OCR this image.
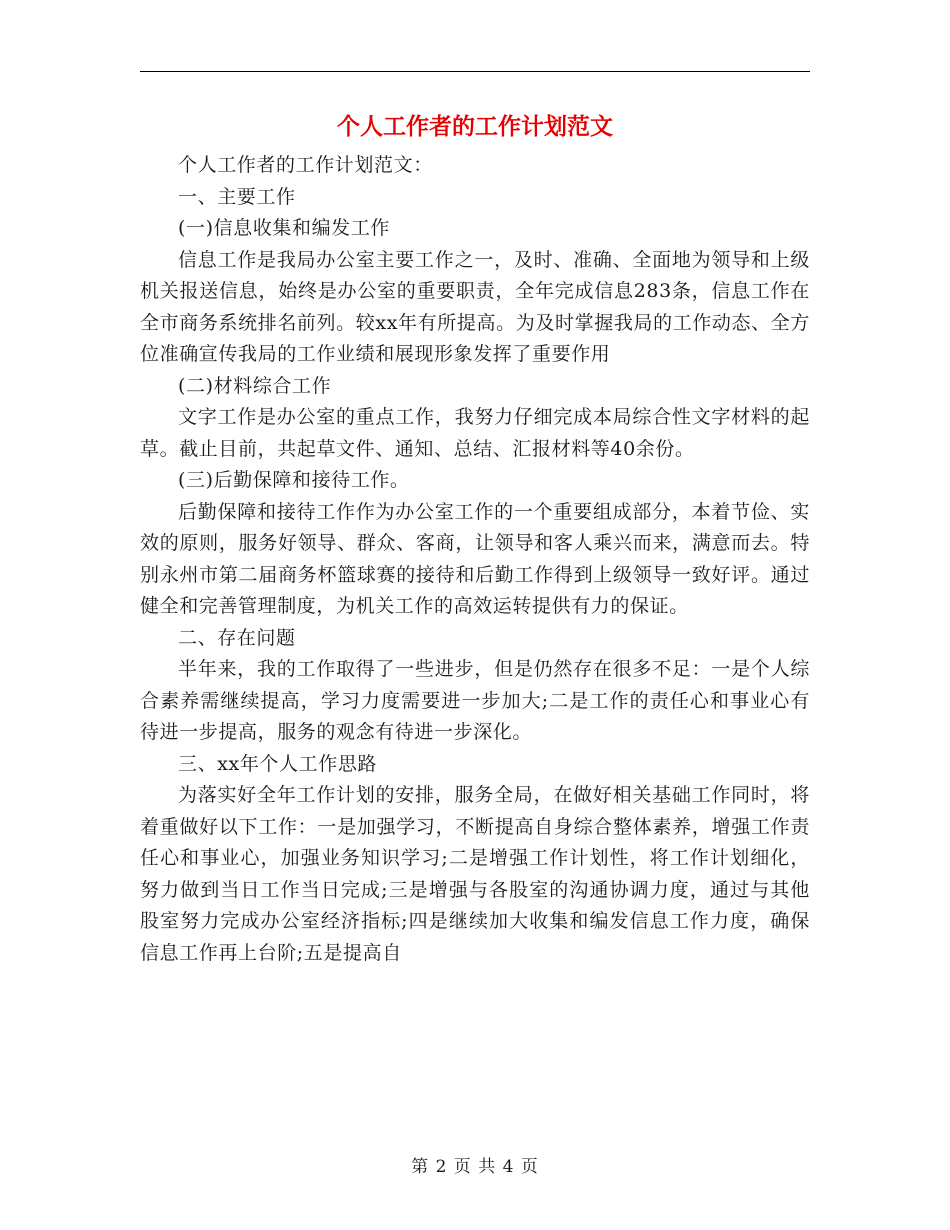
个人工作者的工作计划范文

个人工作者的工作计划范文：

一、主要工作

(一)信息收集和编发工作

信息工作是我局办公室主要工作之一，及时、准确、全面地为领导和上级机关报送信息，始终是办公室的重要职责，全年完成信息283条，信息工作在全市商务系统排名前列。较xx年有所提高。为及时掌握我局的工作动态、全方位准确宣传我局的工作业绩和展现形象发挥了重要作用

(二)材料综合工作

文字工作是办公室的重点工作，我努力仔细完成本局综合性文字材料的起草。截止目前，共起草文件、通知、总结、汇报材料等40余份。

(三)后勤保障和接待工作。

后勤保障和接待工作作为办公室工作的一个重要组成部分，本着节俭、实效的原则，服务好领导、群众、客商，让领导和客人乘兴而来，满意而去。特别永州市第二届商务杯篮球赛的接待和后勤工作得到上级领导一致好评。通过健全和完善管理制度，为机关工作的高效运转提供有力的保证。

二、存在问题

半年来，我的工作取得了一些进步，但是仍然存在很多不足：一是个人综合素养需继续提高，学习力度需要进一步加大;二是工作的责任心和事业心有待进一步提高，服务的观念有待进一步深化。

三、xx年个人工作思路

为落实好全年工作计划的安排，服务全局，在做好相关基础工作同时，将着重做好以下工作：一是加强学习，不断提高自身综合整体素养，增强工作责任心和事业心，加强业务知识学习;二是增强工作计划性，将工作计划细化，努力做到当日工作当日完成;三是增强与各股室的沟通协调力度，通过与其他股室努力完成办公室经济指标;四是继续加大收集和编发信息工作力度，确保信息工作再上台阶;五是提高自

第 2 页 共 4 页
